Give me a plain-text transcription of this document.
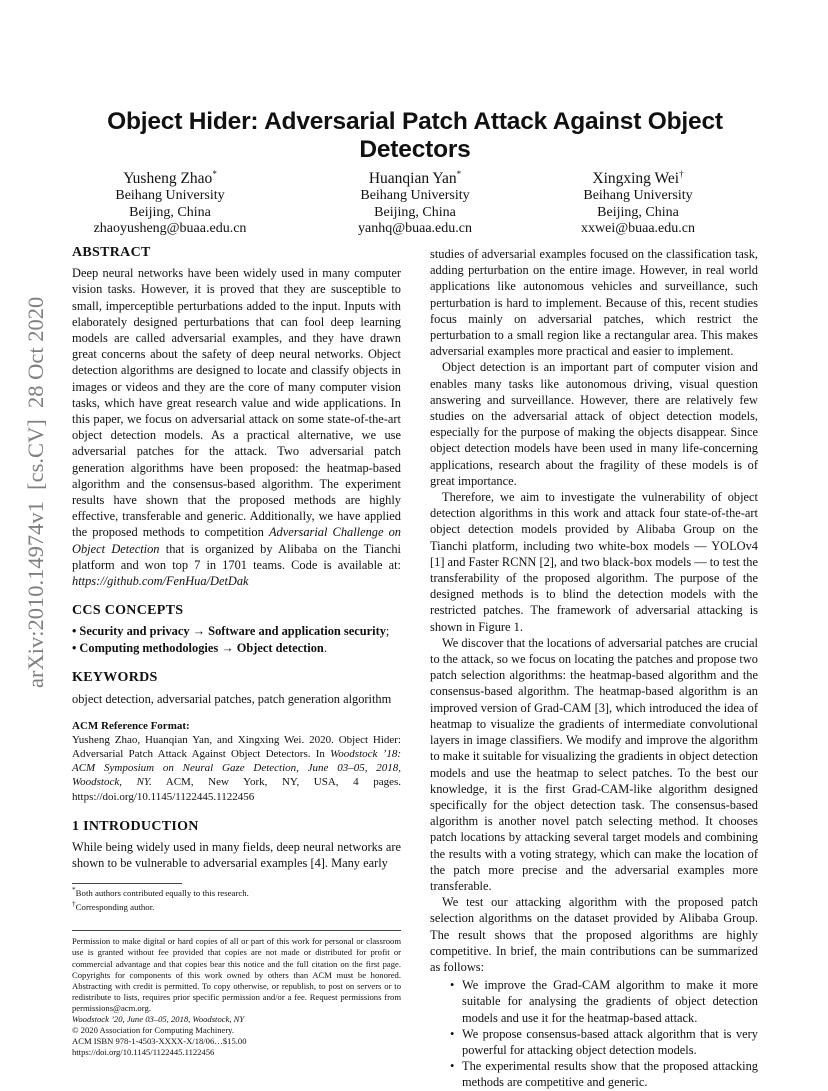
arXiv:2010.14974v1  [cs.CV]  28 Oct 2020
Object Hider: Adversarial Patch Attack Against Object Detectors
Yusheng Zhao*
Beihang University
Beijing, China
zhaoyusheng@buaa.edu.cn
Huanqian Yan*
Beihang University
Beijing, China
yanhq@buaa.edu.cn
Xingxing Wei†
Beihang University
Beijing, China
xxwei@buaa.edu.cn
ABSTRACT

Deep neural networks have been widely used in many computer vision tasks. However, it is proved that they are susceptible to small, imperceptible perturbations added to the input. Inputs with elaborately designed perturbations that can fool deep learning models are called adversarial examples, and they have drawn great concerns about the safety of deep neural networks. Object detection algorithms are designed to locate and classify objects in images or videos and they are the core of many computer vision tasks, which have great research value and wide applications. In this paper, we focus on adversarial attack on some state-of-the-art object detection models. As a practical alternative, we use adversarial patches for the attack. Two adversarial patch generation algorithms have been proposed: the heatmap-based algorithm and the consensus-based algorithm. The experiment results have shown that the proposed methods are highly effective, transferable and generic. Additionally, we have applied the proposed methods to competition Adversarial Challenge on Object Detection that is organized by Alibaba on the Tianchi platform and won top 7 in 1701 teams. Code is available at: https://github.com/FenHua/DetDak

CCS CONCEPTS
• Security and privacy → Software and application security;
• Computing methodologies → Object detection.
KEYWORDS

object detection, adversarial patches, patch generation algorithm

ACM Reference Format:

Yusheng Zhao, Huanqian Yan, and Xingxing Wei. 2020. Object Hider: Adversarial Patch Attack Against Object Detectors. In Woodstock ’18: ACM Symposium on Neural Gaze Detection, June 03–05, 2018, Woodstock, NY. ACM, New York, NY, USA, 4 pages. https://doi.org/10.1145/1122445.1122456

1 INTRODUCTION

While being widely used in many fields, deep neural networks are shown to be vulnerable to adversarial examples [4]. Many early

*Both authors contributed equally to this research.
†Corresponding author.

Permission to make digital or hard copies of all or part of this work for personal or classroom use is granted without fee provided that copies are not made or distributed for profit or commercial advantage and that copies bear this notice and the full citation on the first page. Copyrights for components of this work owned by others than ACM must be honored. Abstracting with credit is permitted. To copy otherwise, or republish, to post on servers or to redistribute to lists, requires prior specific permission and/or a fee. Request permissions from permissions@acm.org.

Woodstock ’20, June 03–05, 2018, Woodstock, NY
© 2020 Association for Computing Machinery.
ACM ISBN 978-1-4503-XXXX-X/18/06…$15.00
https://doi.org/10.1145/1122445.1122456

studies of adversarial examples focused on the classification task, adding perturbation on the entire image. However, in real world applications like autonomous vehicles and surveillance, such perturbation is hard to implement. Because of this, recent studies focus mainly on adversarial patches, which restrict the perturbation to a small region like a rectangular area. This makes adversarial examples more practical and easier to implement.

Object detection is an important part of computer vision and enables many tasks like autonomous driving, visual question answering and surveillance. However, there are relatively few studies on the adversarial attack of object detection models, especially for the purpose of making the objects disappear. Since object detection models have been used in many life-concerning applications, research about the fragility of these models is of great importance.

Therefore, we aim to investigate the vulnerability of object detection algorithms in this work and attack four state-of-the-art object detection models provided by Alibaba Group on the Tianchi platform, including two white-box models — YOLOv4 [1] and Faster RCNN [2], and two black-box models — to test the transferability of the proposed algorithm. The purpose of the designed methods is to blind the detection models with the restricted patches. The framework of adversarial attacking is shown in Figure 1.

We discover that the locations of adversarial patches are crucial to the attack, so we focus on locating the patches and propose two patch selection algorithms: the heatmap-based algorithm and the consensus-based algorithm. The heatmap-based algorithm is an improved version of Grad-CAM [3], which introduced the idea of heatmap to visualize the gradients of intermediate convolutional layers in image classifiers. We modify and improve the algorithm to make it suitable for visualizing the gradients in object detection models and use the heatmap to select patches. To the best our knowledge, it is the first Grad-CAM-like algorithm designed specifically for the object detection task. The consensus-based algorithm is another novel patch selecting method. It chooses patch locations by attacking several target models and combining the results with a voting strategy, which can make the location of the patch more precise and the adversarial examples more transferable.

We test our attacking algorithm with the proposed patch selection algorithms on the dataset provided by Alibaba Group. The result shows that the proposed algorithms are highly competitive. In brief, the main contributions can be summarized as follows:

• We improve the Grad-CAM algorithm to make it more suitable for analysing the gradients of object detection models and use it for the heatmap-based attack.
• We propose consensus-based attack algorithm that is very powerful for attacking object detection models.
• The experimental results show that the proposed attacking methods are competitive and generic.
